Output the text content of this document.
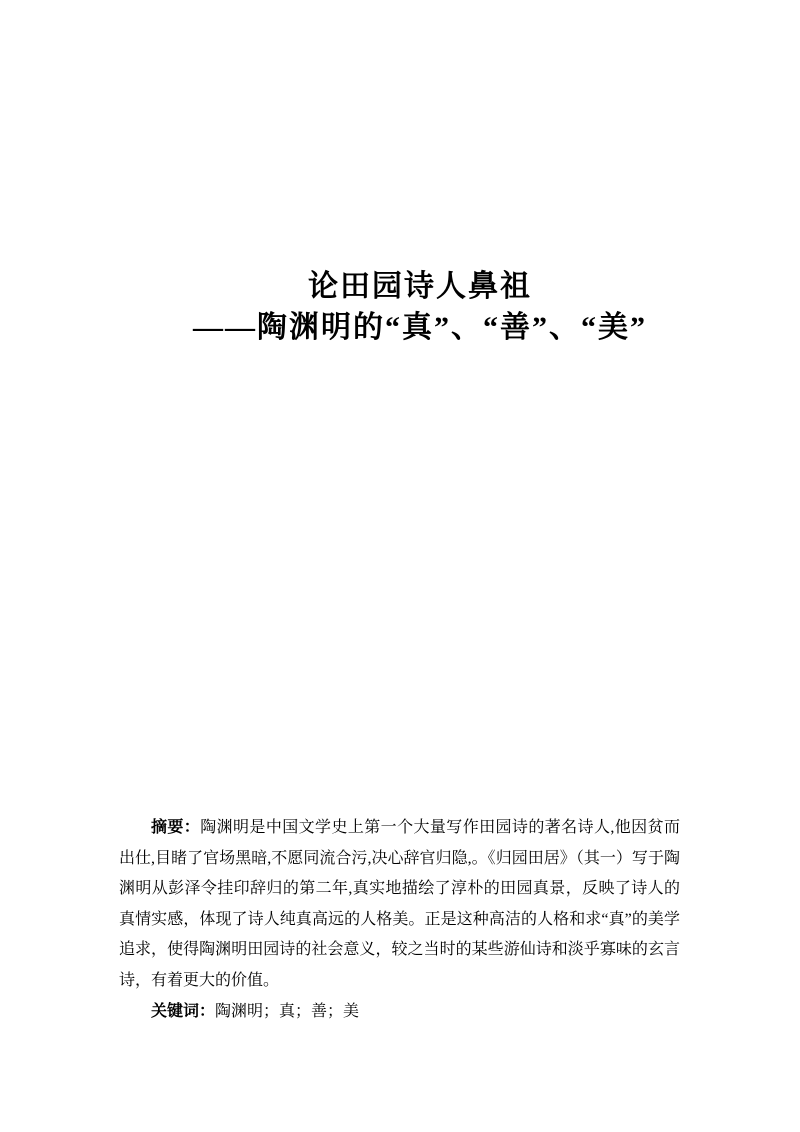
论田园诗人鼻祖
——陶渊明的“真”、“善”、“美”

摘要：陶渊明是中国文学史上第一个大量写作田园诗的著名诗人,他因贫而出仕,目睹了官场黑暗,不愿同流合污,决心辞官归隐,。《归园田居》（其一）写于陶渊明从彭泽令挂印辞归的第二年,真实地描绘了淳朴的田园真景，反映了诗人的真情实感，体现了诗人纯真高远的人格美。正是这种高洁的人格和求“真”的美学追求，使得陶渊明田园诗的社会意义，较之当时的某些游仙诗和淡乎寡味的玄言诗，有着更大的价值。

关键词：陶渊明；真；善；美
